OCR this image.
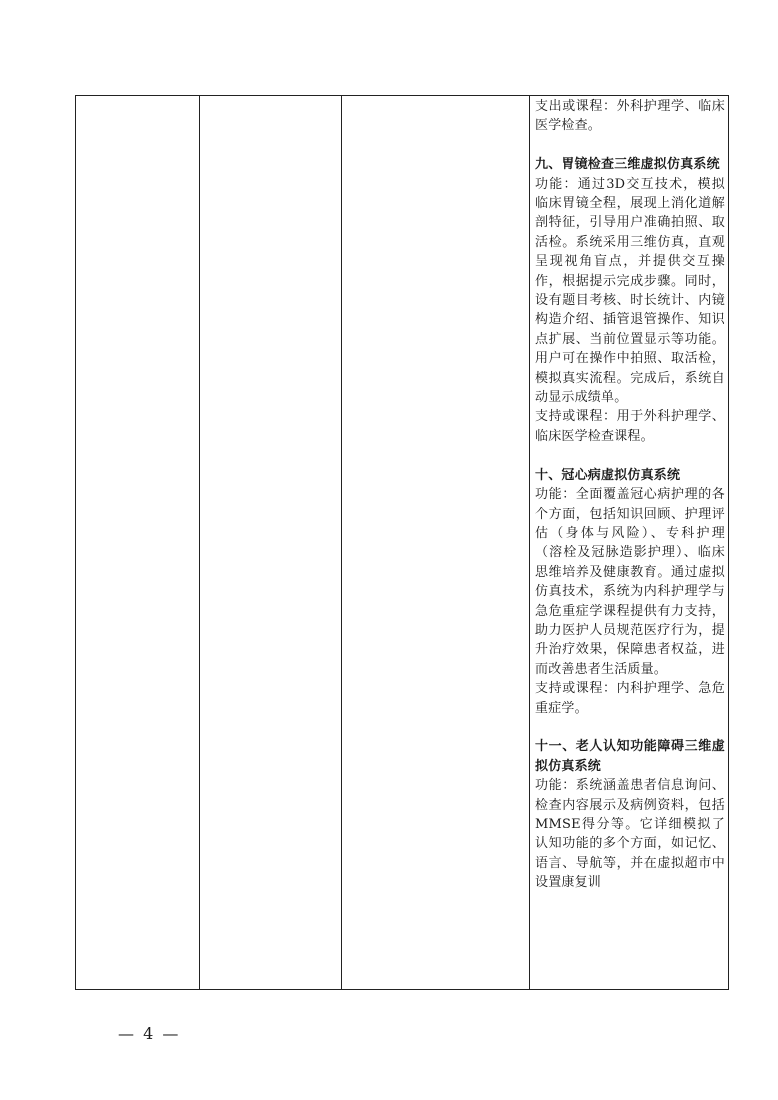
支出或课程：外科护理学、临床医学检查。

九、胃镜检查三维虚拟仿真系统

功能：通过3D交互技术，模拟临床胃镜全程，展现上消化道解剖特征，引导用户准确拍照、取活检。系统采用三维仿真，直观呈现视角盲点，并提供交互操作，根据提示完成步骤。同时，设有题目考核、时长统计、内镜构造介绍、插管退管操作、知识点扩展、当前位置显示等功能。用户可在操作中拍照、取活检，模拟真实流程。完成后，系统自动显示成绩单。

支持或课程：用于外科护理学、临床医学检查课程。

十、冠心病虚拟仿真系统

功能：全面覆盖冠心病护理的各个方面，包括知识回顾、护理评估（身体与风险）、专科护理（溶栓及冠脉造影护理）、临床思维培养及健康教育。通过虚拟仿真技术，系统为内科护理学与急危重症学课程提供有力支持，助力医护人员规范医疗行为，提升治疗效果，保障患者权益，进而改善患者生活质量。

支持或课程：内科护理学、急危重症学。

十一、老人认知功能障碍三维虚拟仿真系统

功能：系统涵盖患者信息询问、检查内容展示及病例资料，包括MMSE得分等。它详细模拟了认知功能的多个方面，如记忆、语言、导航等，并在虚拟超市中设置康复训

— 4 —
